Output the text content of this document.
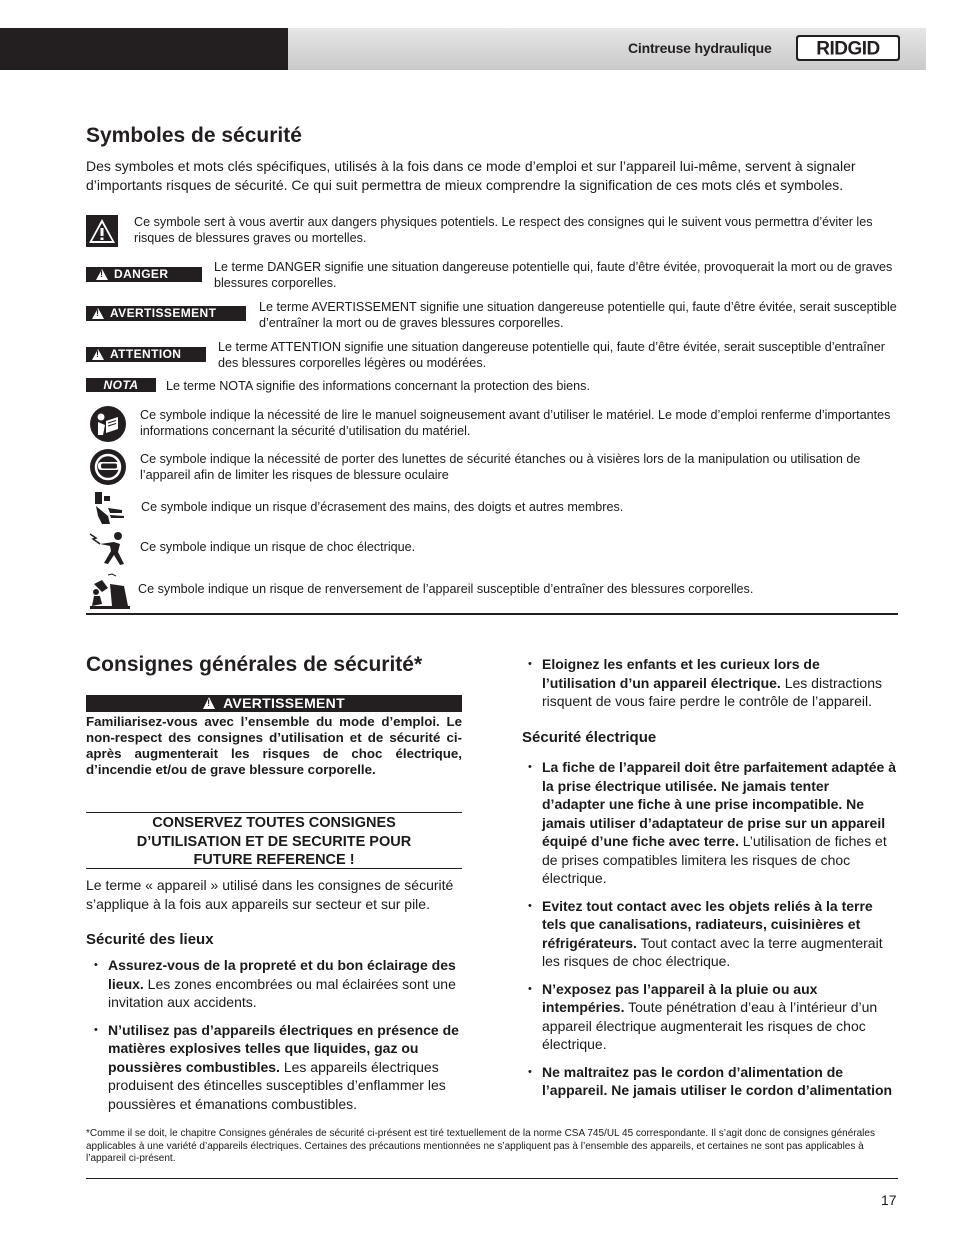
Cintreuse hydraulique RIDGID
Symboles de sécurité

Des symboles et mots clés spécifiques, utilisés à la fois dans ce mode d’emploi et sur l’appareil lui-même, servent à signaler d’importants risques de sécurité. Ce qui suit permettra de mieux comprendre la signification de ces mots clés et symboles.

Ce symbole sert à vous avertir aux dangers physiques potentiels. Le respect des consignes qui le suivent vous permettra d’éviter les risques de blessures graves ou mortelles.
!
DANGER	Le terme DANGER signifie une situation dangereuse potentielle qui, faute d’être évitée, provoquerait la mort ou de graves blessures corporelles.
!
AVERTISSEMENT	Le terme AVERTISSEMENT signifie une situation dangereuse potentielle qui, faute d’être évitée, serait susceptible d’entraîner la mort ou de graves blessures corporelles.
!
ATTENTION	Le terme ATTENTION signifie une situation dangereuse potentielle qui, faute d’être évitée, serait susceptible d’entraîner des blessures corporelles légères ou modérées.
NOTA	Le terme NOTA signifie des informations concernant la protection des biens.
Ce symbole indique la nécessité de lire le manuel soigneusement avant d’utiliser le matériel. Le mode d’emploi renferme d’importantes informations concernant la sécurité d’utilisation du matériel.
Ce symbole indique la nécessité de porter des lunettes de sécurité étanches ou à visières lors de la manipulation ou utilisation de l’appareil afin de limiter les risques de blessure oculaire
Ce symbole indique un risque d’écrasement des mains, des doigts et autres membres.
Ce symbole indique un risque de choc électrique.
Ce symbole indique un risque de renversement de l’appareil susceptible d’entraîner des blessures corporelles.
Consignes générales de sécurité*
!AVERTISSEMENT
Familiarisez-vous avec l’ensemble du mode d’emploi. Le non-respect des consignes d’utilisation et de sécurité ci-après augmenterait les risques de choc électrique, d’incendie et/ou de grave blessure corporelle.
CONSERVEZ TOUTES CONSIGNES
D’UTILISATION ET DE SECURITE POUR
FUTURE REFERENCE !
Le terme « appareil » utilisé dans les consignes de sécurité s’applique à la fois aux appareils sur secteur et sur pile.
Sécurité des lieux
• Assurez-vous de la propreté et du bon éclairage des lieux. Les zones encombrées ou mal éclairées sont une invitation aux accidents.
• N’utilisez pas d’appareils électriques en présence de matières explosives telles que liquides, gaz ou poussières combustibles. Les appareils électriques produisent des étincelles susceptibles d’enflammer les poussières et émanations combustibles.
• Eloignez les enfants et les curieux lors de l’utilisation d’un appareil électrique. Les distractions risquent de vous faire perdre le contrôle de l’appareil.
Sécurité électrique
• La fiche de l’appareil doit être parfaitement adaptée à la prise électrique utilisée. Ne jamais tenter d’adapter une fiche à une prise incompatible. Ne jamais utiliser d’adaptateur de prise sur un appareil équipé d’une fiche avec terre. L’utilisation de fiches et de prises compatibles limitera les risques de choc électrique.
• Evitez tout contact avec les objets reliés à la terre tels que canalisations, radiateurs, cuisinières et réfrigérateurs. Tout contact avec la terre augmenterait les risques de choc électrique.
• N’exposez pas l’appareil à la pluie ou aux intempéries. Toute pénétration d’eau à l’intérieur d’un appareil électrique augmenterait les risques de choc électrique.
• Ne maltraitez pas le cordon d’alimentation de l’appareil. Ne jamais utiliser le cordon d’alimentation
*Comme il se doit, le chapitre Consignes générales de sécurité ci-présent est tiré textuellement de la norme CSA 745/UL 45 correspondante. Il s’agit donc de consignes générales applicables à une variété d’appareils électriques. Certaines des précautions mentionnées ne s’appliquent pas à l’ensemble des appareils, et certaines ne sont pas applicables à l’appareil ci-présent.
17
